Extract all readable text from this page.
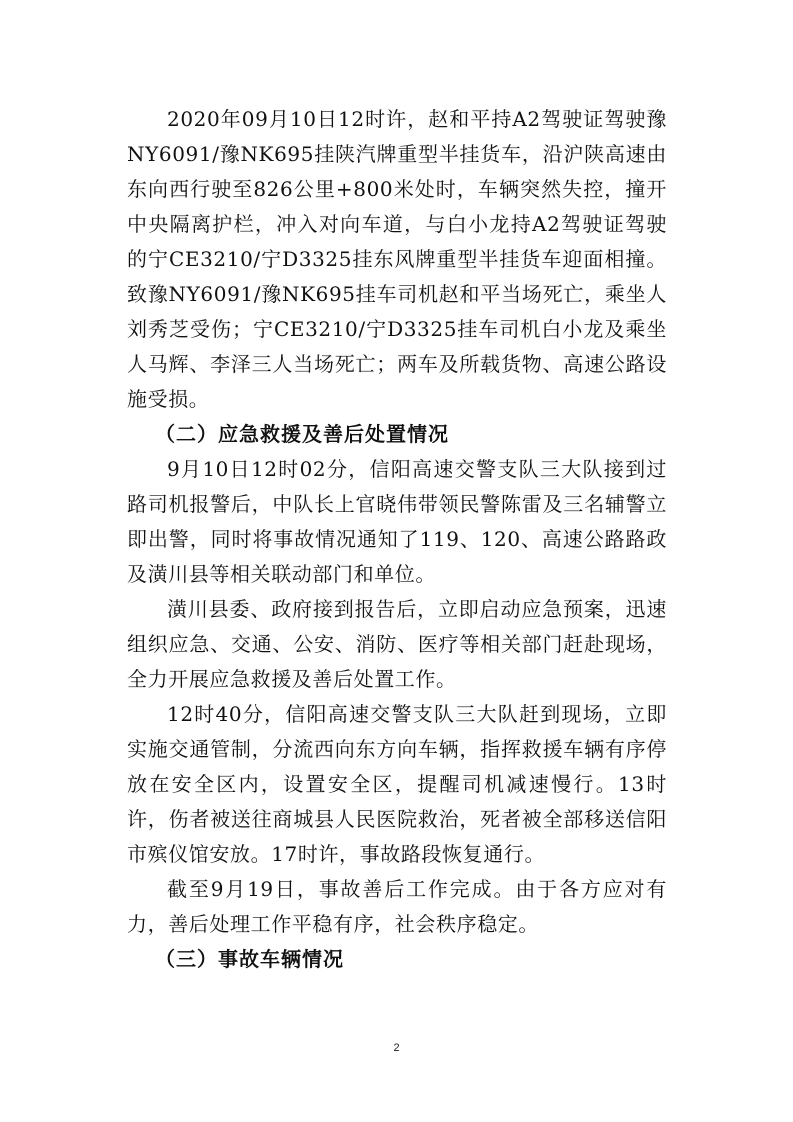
2020年09月10日12时许，赵和平持A2驾驶证驾驶豫NY6091/豫NK695挂陕汽牌重型半挂货车，沿沪陕高速由东向西行驶至826公里+800米处时，车辆突然失控，撞开中央隔离护栏，冲入对向车道，与白小龙持A2驾驶证驾驶的宁CE3210/宁D3325挂东风牌重型半挂货车迎面相撞。致豫NY6091/豫NK695挂车司机赵和平当场死亡，乘坐人刘秀芝受伤；宁CE3210/宁D3325挂车司机白小龙及乘坐人马辉、李泽三人当场死亡；两车及所载货物、高速公路设施受损。

（二）应急救援及善后处置情况

9月10日12时02分，信阳高速交警支队三大队接到过路司机报警后，中队长上官晓伟带领民警陈雷及三名辅警立即出警，同时将事故情况通知了119、120、高速公路路政及潢川县等相关联动部门和单位。

潢川县委、政府接到报告后，立即启动应急预案，迅速组织应急、交通、公安、消防、医疗等相关部门赶赴现场，全力开展应急救援及善后处置工作。

12时40分，信阳高速交警支队三大队赶到现场，立即实施交通管制，分流西向东方向车辆，指挥救援车辆有序停放在安全区内，设置安全区，提醒司机减速慢行。13时许，伤者被送往商城县人民医院救治，死者被全部移送信阳市殡仪馆安放。17时许，事故路段恢复通行。

截至9月19日，事故善后工作完成。由于各方应对有力，善后处理工作平稳有序，社会秩序稳定。

（三）事故车辆情况

2
